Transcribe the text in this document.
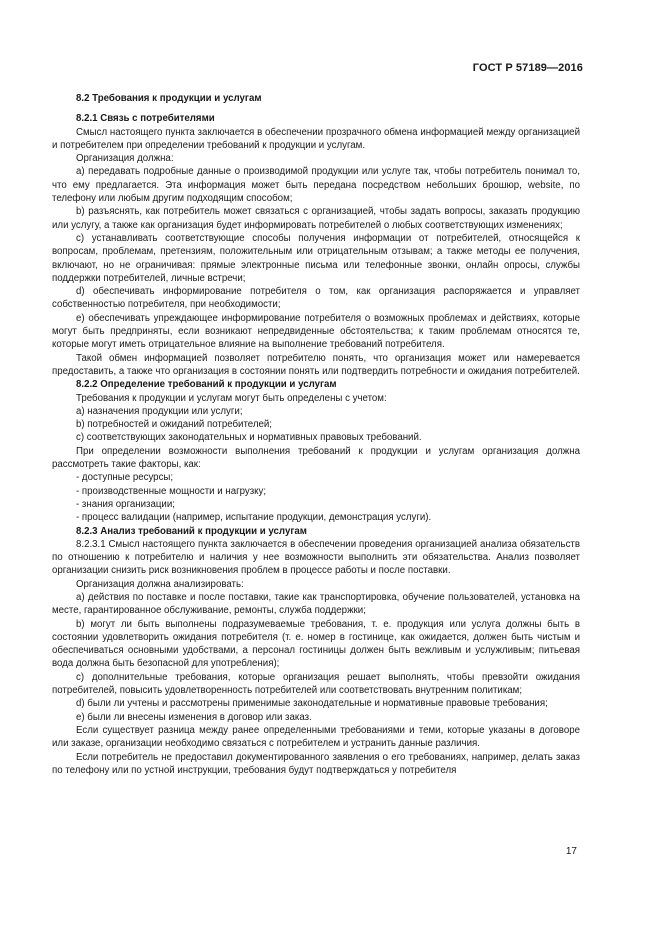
ГОСТ Р 57189—2016

8.2 Требования к продукции и услугам

8.2.1 Связь с потребителями

Смысл настоящего пункта заключается в обеспечении прозрачного обмена информацией между организацией и потребителем при определении требований к продукции и услугам.

Организация должна:

a) передавать подробные данные о производимой продукции или услуге так, чтобы потребитель понимал то, что ему предлагается. Эта информация может быть передана посредством небольших брошюр, website, по телефону или любым другим подходящим способом;

b) разъяснять, как потребитель может связаться с организацией, чтобы задать вопросы, заказать продукцию или услугу, а также как организация будет информировать потребителей о любых соответствующих изменениях;

c) устанавливать соответствующие способы получения информации от потребителей, относящейся к вопросам, проблемам, претензиям, положительным или отрицательным отзывам; а также методы ее получения, включают, но не ограничивая: прямые электронные письма или телефонные звонки, онлайн опросы, службы поддержки потребителей, личные встречи;

d) обеспечивать информирование потребителя о том, как организация распоряжается и управляет собственностью потребителя, при необходимости;

e) обеспечивать упреждающее информирование потребителя о возможных проблемах и действиях, которые могут быть предприняты, если возникают непредвиденные обстоятельства; к таким проблемам относятся те, которые могут иметь отрицательное влияние на выполнение требований потребителя.

Такой обмен информацией позволяет потребителю понять, что организация может или намеревается предоставить, а также что организация в состоянии понять или подтвердить потребности и ожидания потребителей.

8.2.2 Определение требований к продукции и услугам

Требования к продукции и услугам могут быть определены с учетом:

a) назначения продукции или услуги;

b) потребностей и ожиданий потребителей;

c) соответствующих законодательных и нормативных правовых требований.

При определении возможности выполнения требований к продукции и услугам организация должна рассмотреть такие факторы, как:

- доступные ресурсы;

- производственные мощности и нагрузку;

- знания организации;

- процесс валидации (например, испытание продукции, демонстрация услуги).

8.2.3 Анализ требований к продукции и услугам

8.2.3.1 Смысл настоящего пункта заключается в обеспечении проведения организацией анализа обязательств по отношению к потребителю и наличия у нее возможности выполнить эти обязательства. Анализ позволяет организации снизить риск возникновения проблем в процессе работы и после поставки.

Организация должна анализировать:

a) действия по поставке и после поставки, такие как транспортировка, обучение пользователей, установка на месте, гарантированное обслуживание, ремонты, служба поддержки;

b) могут ли быть выполнены подразумеваемые требования, т. е. продукция или услуга должны быть в состоянии удовлетворить ожидания потребителя (т. е. номер в гостинице, как ожидается, должен быть чистым и обеспечиваться основными удобствами, а персонал гостиницы должен быть вежливым и услужливым; питьевая вода должна быть безопасной для употребления);

c) дополнительные требования, которые организация решает выполнять, чтобы превзойти ожидания потребителей, повысить удовлетворенность потребителей или соответствовать внутренним политикам;

d) были ли учтены и рассмотрены применимые законодательные и нормативные правовые требования;

e) были ли внесены изменения в договор или заказ.

Если существует разница между ранее определенными требованиями и теми, которые указаны в договоре или заказе, организации необходимо связаться с потребителем и устранить данные различия.

Если потребитель не предоставил документированного заявления о его требованиях, например, делать заказ по телефону или по устной инструкции, требования будут подтверждаться у потребителя

17
